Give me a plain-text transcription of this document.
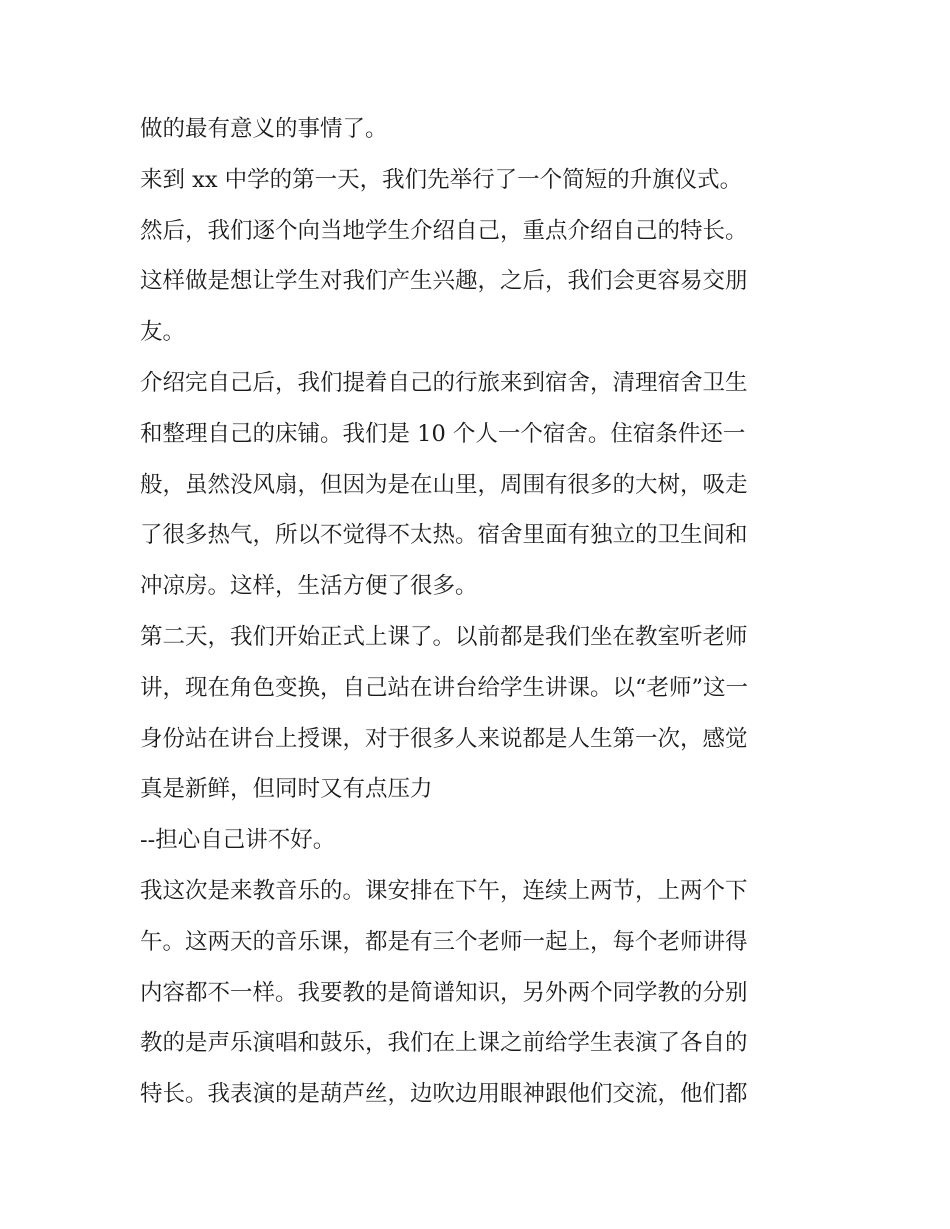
做的最有意义的事情了。

来到 xx 中学的第一天，我们先举行了一个简短的升旗仪式。

然后，我们逐个向当地学生介绍自己，重点介绍自己的特长。

这样做是想让学生对我们产生兴趣，之后，我们会更容易交朋

友。

介绍完自己后，我们提着自己的行旅来到宿舍，清理宿舍卫生

和整理自己的床铺。我们是 10 个人一个宿舍。住宿条件还一

般，虽然没风扇，但因为是在山里，周围有很多的大树，吸走

了很多热气，所以不觉得不太热。宿舍里面有独立的卫生间和

冲凉房。这样，生活方便了很多。

第二天，我们开始正式上课了。以前都是我们坐在教室听老师

讲，现在角色变换，自己站在讲台给学生讲课。以“老师”这一

身份站在讲台上授课，对于很多人来说都是人生第一次，感觉

真是新鲜，但同时又有点压力

--担心自己讲不好。

我这次是来教音乐的。课安排在下午，连续上两节，上两个下

午。这两天的音乐课，都是有三个老师一起上，每个老师讲得

内容都不一样。我要教的是简谱知识，另外两个同学教的分别

教的是声乐演唱和鼓乐，我们在上课之前给学生表演了各自的

特长。我表演的是葫芦丝，边吹边用眼神跟他们交流，他们都
